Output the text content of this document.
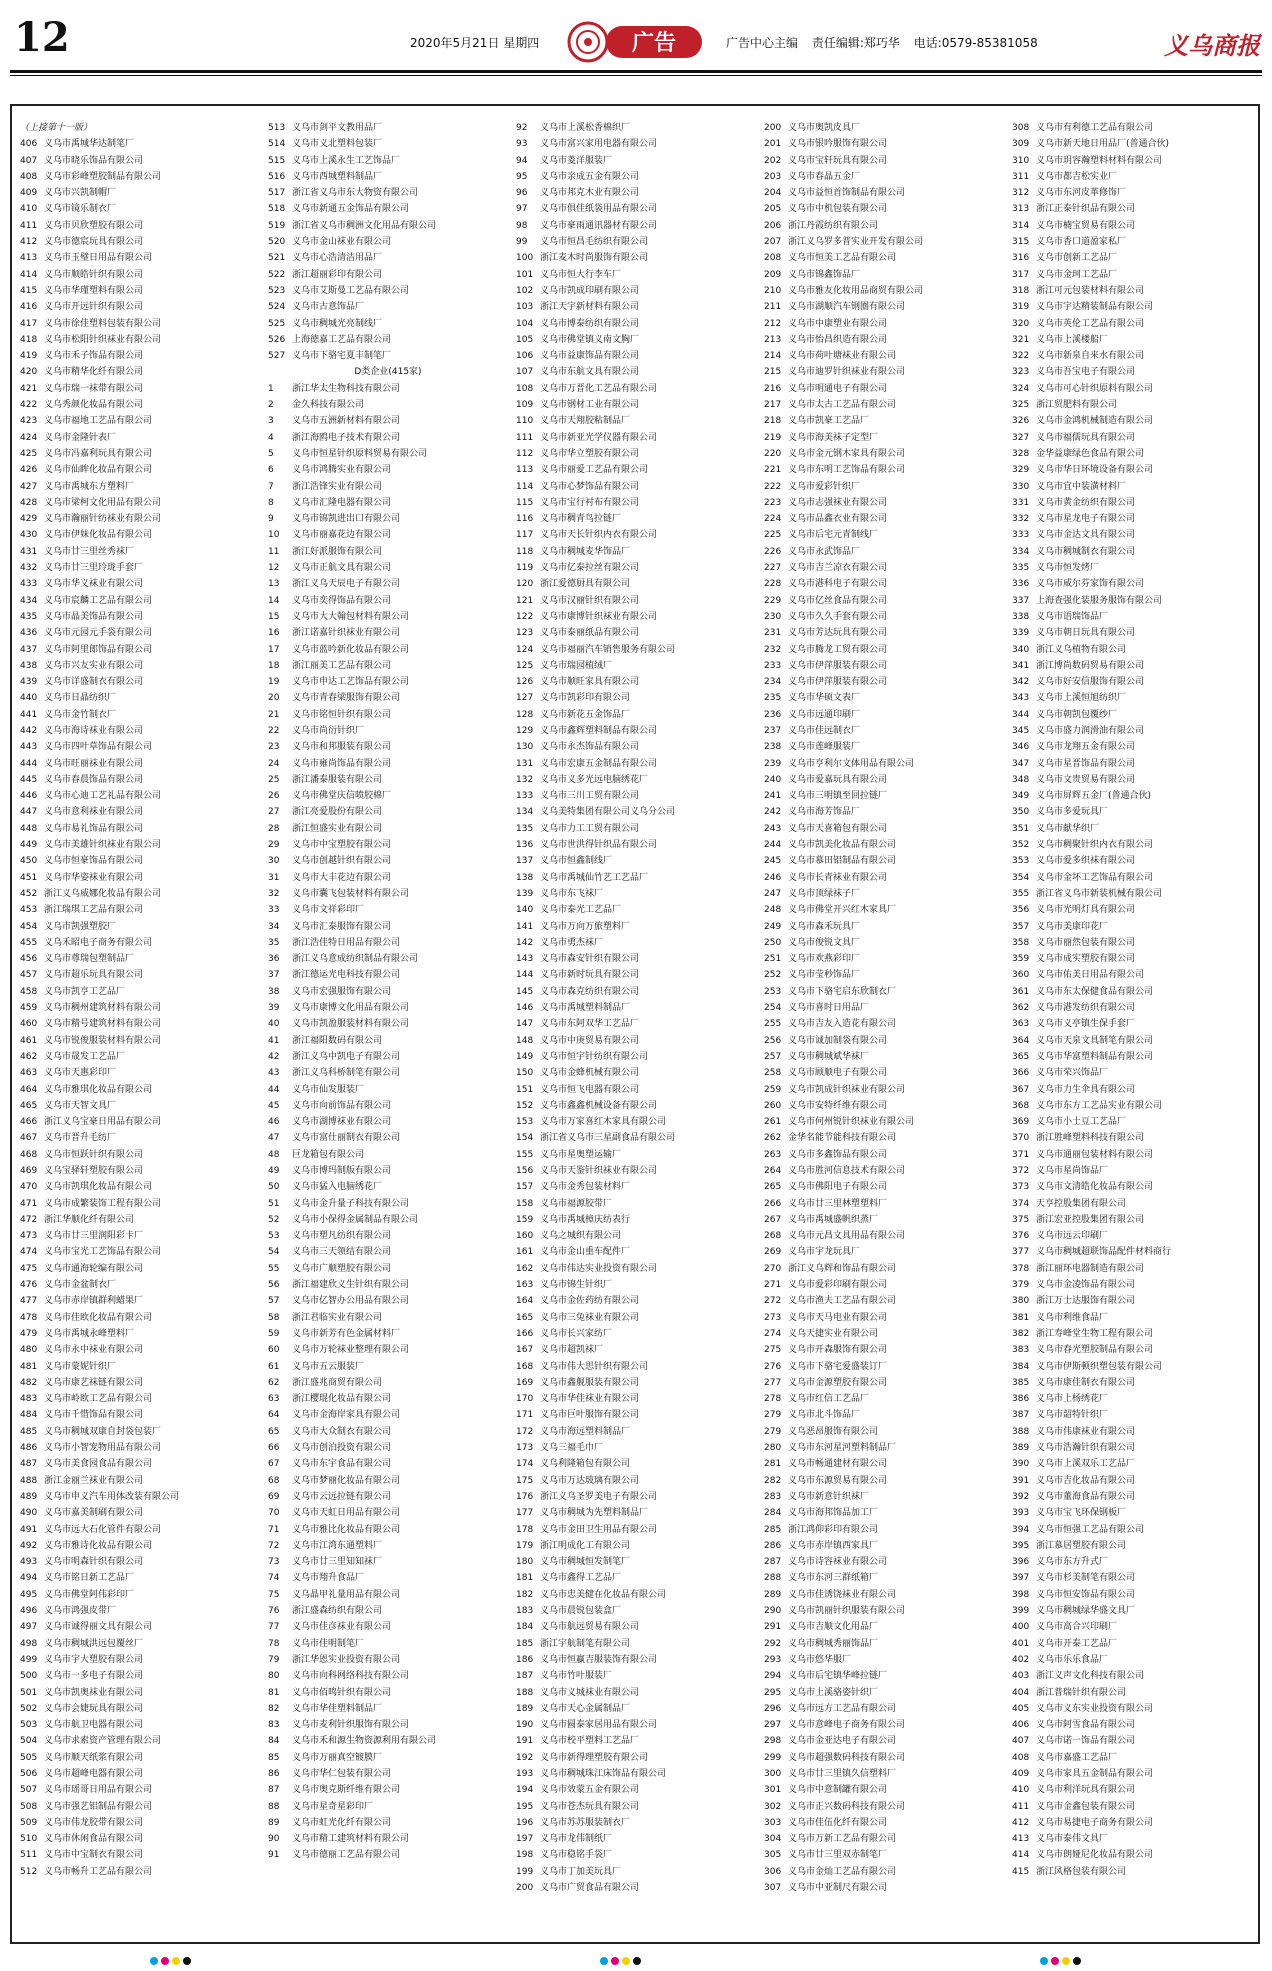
12	2020年5月21日 星期四	广告	广告中心主编 责任编辑:郑巧华 电话:0579-85381058	义乌商报
（上接第十一版）
406 义乌市禹城华达制笔厂
407 义乌市晓乐饰品有限公司
408 义乌市彩峰塑胶制品有限公司
409 义乌市兴凯制帽厂
410 义乌市镜乐制衣厂
411 义乌市贝欣塑胶有限公司
412 义乌市德宸玩具有限公司
413 义乌市玉璧日用品有限公司
414 义乌市顺皓针织有限公司
415 义乌市华瑾塑料有限公司
416 义乌市开远针织有限公司
417 义乌市徐佳塑料包装有限公司
418 义乌市松阳针织袜业有限公司
419 义乌市禾子饰品有限公司
420 义乌市精华化纤有限公司
421 义乌市瑞一袜带有限公司
422 义乌秀颜化妆品有限公司
423 义乌市福地工艺品有限公司
424 义乌市金隆针表厂
425 义乌市冯嘉利玩具有限公司
426 义乌市仙眸化妆品有限公司
427 义乌市禹城东方塑料厂
428 义乌市梁柯文化用品有限公司
429 义乌市瀚丽针纺袜业有限公司
430 义乌市伊妹化妆品有限公司
431 义乌市廿三里丝秀袜厂
432 义乌市廿三里玲珑手套厂
433 义乌市华义袜业有限公司
434 义乌市宸麟工艺品有限公司
435 义乌市晶美饰品有限公司
436 义乌市元园元手袋有限公司
437 义乌市阿里郎饰品有限公司
438 义乌市兴友实业有限公司
439 义乌市详盛制衣有限公司
440 义乌市日晶纺织厂
441 义乌市金竹制衣厂
442 义乌市海诗袜业有限公司
443 义乌市四叶草饰品有限公司
444 义乌市旺丽袜业有限公司
445 义乌市春晨饰品有限公司
446 义乌市心迪工艺礼品有限公司
447 义乌市意利袜业有限公司
448 义乌市易礼饰品有限公司
449 义乌市美雄针织袜业有限公司
450 义乌市恒豪饰品有限公司
451 义乌市华姿袜业有限公司
452 浙江义乌威娜化妆品有限公司
453 浙江瑞琪工艺品有限公司
454 义乌市凯强塑胶厂
455 义乌禾昭电子商务有限公司
456 义乌市尊瑞包塑制品厂
457 义乌市超乐玩具有限公司
458 义乌市凯亨工艺品厂
459 义乌市稠州建筑材料有限公司
460 义乌市精号建筑材料有限公司
461 义乌市锐俊服装材料有限公司
462 义乌市晟发工艺品厂
463 义乌市天惠彩印厂
464 义乌市雅琪化妆品有限公司
465 义乌市天智文具厂
466 浙江义乌宝豪日用品有限公司
467 义乌市晋升毛纺厂
468 义乌市恒跃针织有限公司
469 义乌宝驿轩塑胶有限公司
470 义乌市凯琪化妆品有限公司
471 义乌市成繁装饰工程有限公司
472 浙江华顺化纤有限公司
473 义乌市廿三里润阳彩卡厂
474 义乌市宝光工艺饰品有限公司
475 义乌市通海轮编有限公司
476 义乌市金盆制衣厂
477 义乌市赤岸镇群利蜡果厂
478 义乌市佳欧化妆品有限公司
479 义乌市禹城永峰塑料厂
480 义乌市永中袜业有限公司
481 义乌市蒙妮针织厂
482 义乌市康艺袜链有限公司
483 义乌市岭欧工艺品有限公司
484 义乌市千惜饰品有限公司
485 义乌市稠城双康自封袋包装厂
486 义乌市小智宠物用品有限公司
487 义乌市美食园食品有限公司
488 浙江金丽兰袜业有限公司
489 义乌市申义汽车用体改装有限公司
490 义乌市嘉美制刷有限公司
491 义乌市远大石化管件有限公司
492 义乌市雅诗化妆品有限公司
493 义乌市明森针织有限公司
494 义乌市铭日新工艺品厂
495 义乌市佛堂阿伟彩印厂
496 义乌市鸿强皮带厂
497 义乌市诚得丽文具有限公司
498 义乌市稠城洪远包覆丝厂
499 义乌市宇大塑胶有限公司
500 义乌市一多电子有限公司
501 义乌市凯奥袜业有限公司
502 义乌市会婕玩具有限公司
503 义乌市航卫电器有限公司
504 义乌市求索资产管理有限公司
505 义乌市顺天纸浆有限公司
506 义乌市超峰电器有限公司
507 义乌市瑶哥日用品有限公司
508 义乌市强艺铝制品有限公司
509 义乌市伟龙胶带有限公司
510 义乌市休闲食品有限公司
511 义乌市中宝制衣有限公司
512 义乌市畅升工艺品有限公司
513 义乌市剑平文教用品厂
514 义乌市义北塑料包装厂
515 义乌市上溪永生工艺饰品厂
516 义乌市西城塑料制品厂
517 浙江省义乌市东大物资有限公司
518 义乌市新通五金饰品有限公司
519 浙江省义乌市稠洲文化用品有限公司
520 义乌市金山袜业有限公司
521 义乌市心浩清洁用品厂
522 浙江超丽彩印有限公司
523 义乌市艾斯曼工艺品有限公司
524 义乌市古意饰品厂
525 义乌市稠城光亮制线厂
526 上海徳嘉工艺品有限公司
527 义乌市下骆宅夏丰制笔厂
D类企业(415家)
1 浙江华太生物科技有限公司
2 金久科技有限公司
3 义乌市五洲新材料有限公司
4 浙江海鸥电子技术有限公司
5 义乌市恒星针织原料贸易有限公司
6 义乌市鸿腾实业有限公司
7 浙江浩锋实业有限公司
8 义乌市汇隆电器有限公司
9 义乌市锦凯进出口有限公司
10 义乌市丽嘉花边有限公司
11 浙江好派服饰有限公司
12 义乌市正航文具有限公司
13 浙江义乌天辰电子有限公司
14 义乌市奕得饰品有限公司
15 义乌市大大翰包材料有限公司
16 浙江诺嘉针织袜业有限公司
17 义乌市蓝吟新化妆品有限公司
18 浙江丽美工艺品有限公司
19 义乌市申达工艺饰品有限公司
20 义乌市青春梁服饰有限公司
21 义乌市铭恒针织有限公司
22 义乌市尚衍针织厂
23 义乌市和邦服装有限公司
24 义乌市雍尚饰品有限公司
25 浙江潘泰服装有限公司
26 义乌市佛堂庆信喷胶棉厂
27 浙江亮爱股份有限公司
28 浙江恒盛实业有限公司
29 义乌市中宝塑胶有限公司
30 义乌市创越针织有限公司
31 义乌市大丰花边有限公司
32 义乌市囊飞包装材料有限公司
33 义乌市文祥彩印厂
34 义乌市汇泰服饰有限公司
35 浙江浩佳特日用品有限公司
36 浙江义乌意成纺织制品有限公司
37 浙江德运光电科技有限公司
38 义乌市宏强服饰有限公司
39 义乌市康博文化用品有限公司
40 义乌市凯盈服装材料有限公司
41 浙江福阳数码有限公司
42 浙江义乌中凯电子有限公司
43 浙江义乌科桥制笔有限公司
44 义乌市仙发服装厂
45 义乌市向前饰品有限公司
46 义乌市湖博袜业有限公司
47 义乌市富仕丽制衣有限公司
48 巨龙箱包有限公司
49 义乌市博玛制版有限公司
50 义乌市猛入电脑绣花厂
51 义乌市金升量子科技有限公司
52 义乌市小保得金属制品有限公司
53 义乌市塑凡纺织有限公司
54 义乌市三天领结有限公司
55 义乌市广顺塑胶有限公司
56 浙江福建欣义生针织有限公司
57 义乌市亿智办公用品有限公司
58 浙江君临实业有限公司
59 义乌市新芳有色金属材料厂
60 义乌市万轮袜业整理有限公司
61 义乌市五云服装厂
62 浙江盛兆商贸有限公司
63 浙江樱琨化妆品有限公司
64 义乌市金海岸家具有限公司
65 义乌市大众制衣有限公司
66 义乌市创泊投资有限公司
67 义乌市东宇食品有限公司
68 义乌市梦丽化妆品有限公司
69 义乌市云远拉链有限公司
70 义乌市天虹日用品有限公司
71 义乌市雅比化妆品有限公司
72 义乌市江湾东通塑料厂
73 义乌市廿三里知知袜厂
74 义乌市翔升食品厂
75 义乌晶甲礼量用品有限公司
76 浙江盛森纺织有限公司
77 义乌市佳彦袜业有限公司
78 义乌市佳明制笔厂
79 浙江华恩实业投资有限公司
80 义乌市向科网络科技有限公司
81 义乌市佰鸣针织有限公司
82 义乌市华佳塑料制品厂
83 义乌市麦利针织服饰有限公司
84 义乌市禾和源生物资源利用有限公司
85 义乌市万丽真空镀膜厂
86 义乌市华仁包装有限公司
87 义乌市奥克斯纤维有限公司
88 义乌市星奇星彩印厂
89 义乌市虹光化纤有限公司
90 义乌市精工建筑材料有限公司
91 义乌市德丽工艺品有限公司
92 义乌市上溪松香棉织厂
93 义乌市富兴家用电器有限公司
94 义乌市菱洋服装厂
95 义乌市亲成五金有限公司
96 义乌市邦克木业有限公司
97 义乌市俱佳纸袋用品有限公司
98 义乌市豪雨通讯器材有限公司
99 义乌市恒昌毛纺织有限公司
100 浙江麦木时尚服饰有限公司
101 义乌市恒大行李车厂
102 义乌市凯成印刷有限公司
103 浙江天宇新材料有限公司
104 义乌市博泰纺织有限公司
105 义乌市佛堂镇义南文胸厂
106 义乌市益康饰品有限公司
107 义乌市东航文具有限公司
108 义乌市万晋化工艺品有限公司
109 义乌市钢材工业有限公司
110 义乌市天翔胶粘制品厂
111 义乌市新亚光学仪器有限公司
112 义乌市华立塑胶有限公司
113 义乌市丽爱工艺品有限公司
114 义乌市心梦饰品有限公司
115 义乌市宝行衬布有限公司
116 义乌市稠青鸟拉链厂
117 义乌市天长针织内衣有限公司
118 义乌市稠城麦华饰品厂
119 义乌市亿泰拉丝有限公司
120 浙江爱德厨具有限公司
121 义乌市汉丽针织有限公司
122 义乌市康博针织袜业有限公司
123 义乌市泰丽纸品有限公司
124 义乌市福丽汽车销售服务有限公司
125 义乌市瑞园植绒厂
126 义乌市顺旺家具有限公司
127 义乌市凯彩印有限公司
128 义乌市新花五金饰品厂
129 义乌市鑫辉塑料制品有限公司
130 义乌市永杰饰品有限公司
131 义乌市宏康五金制品有限公司
132 义乌市义多光远电脑绣花厂
133 义乌市三川工贸有限公司
134 义乌美特集团有限公司义乌分公司
135 义乌市力工工贸有限公司
136 义乌市世洪得针织品有限公司
137 义乌市恒鑫制线厂
138 义乌市禹城仙竹艺工艺品厂
139 义乌市东飞袜厂
140 义乌市泰光工艺品厂
141 义乌市万向万旅塑料厂
142 义乌市勇杰袜厂
143 义乌市森安针织有限公司
144 义乌市新时玩具有限公司
145 义乌市森克纺织有限公司
146 义乌市禹城塑料制品厂
147 义乌市东阿双华工艺品厂
148 义乌市中庚贸易有限公司
149 义乌市恒宇针纺织有限公司
150 义乌市金蜂机械有限公司
151 义乌市恒飞电器有限公司
152 义乌市鑫鑫机械设备有限公司
153 义乌市万家喜红木家具有限公司
154 浙江省义乌市三星副食品有限公司
155 义乌市星奥塑运输厂
156 义乌市天鉴针织袜业有限公司
157 义乌市金秀包装材料厂
158 义乌市福源胶带厂
159 义乌市禹城樟庆纺表行
160 义乌之城织有限公司
161 义乌市金山重车配件厂
162 义乌市伟达实业投资有限公司
163 义乌市锦生针织厂
164 义乌市金佐药纺有限公司
165 义乌市三兔袜业有限公司
166 义乌市长兴家纺厂
167 义乌市超凯袜厂
168 义乌市伟大思针织有限公司
169 义乌市鑫舰服装有限公司
170 义乌市华佳袜业有限公司
171 义乌市巨叶服饰有限公司
172 义乌市海远塑料制品厂
173 义乌三福毛巾厂
174 义乌利隆箱包有限公司
175 义乌市万达玻璃有限公司
176 浙江义乌圣罗美电子有限公司
177 义乌市稠城为先塑料制品厂
178 义乌市金田卫生用品有限公司
179 浙江明成化工有限公司
180 义乌市稠城恒发制笔厂
181 义乌市鑫得工艺品厂
182 义乌市忠美健在化妆品有限公司
183 义乌市晨锐包装盒厂
184 义乌市航远贸易有限公司
185 浙江宇航制笔有限公司
186 义乌市恒赢吉服装饰有限公司
187 义乌市竹叶服装厂
188 义乌市义城袜业有限公司
189 义乌市天心金属制品厂
190 义乌市圆泰家居用品有限公司
191 义乌市校平塑料工艺品厂
192 义乌市新得理塑胶有限公司
193 义乌市稠城珠江床饰品有限公司
194 义乌市效蒙五金有限公司
195 义乌市苍杰玩具有限公司
196 义乌市苏苏服装制衣厂
197 义乌市龙伟制纸厂
198 义乌市稳铭手袋厂
199 义乌市丁加美玩具厂
200 义乌市广贸食品有限公司
200 义乌市奥凯皮具厂
201 义乌市银吟服饰有限公司
202 义乌市宝轩玩具有限公司
203 义乌市春晶五金厂
204 义乌市益恒首饰制品有限公司
205 义乌市中机包装有限公司
206 浙江丹霞纺织有限公司
207 浙江义乌罗多普实业开发有限公司
208 义乌市恒美工艺品有限公司
209 义乌市锦鑫饰品厂
210 义乌市雅友化妆用品商贸有限公司
211 义乌市湖顺汽车钢圈有限公司
212 义乌市中康塑业有限公司
213 义乌市怡昌织造有限公司
214 义乌市荷叶塘袜业有限公司
215 义乌市迪罗针织袜业有限公司
216 义乌市明通电子有限公司
217 义乌市太古工艺品有限公司
218 义乌市凯豪工艺品厂
219 义乌市海美袜子定型厂
220 义乌市金元钢木家具有限公司
221 义乌市东明工艺饰品有限公司
222 义乌市爱彩针织厂
223 义乌市志强袜业有限公司
224 义乌市品鑫衣业有限公司
225 义乌市后宅元青制线厂
226 义乌市永武饰品厂
227 义乌市吉兰凉衣有限公司
228 义乌市港科电子有限公司
229 义乌市亿丝食品有限公司
230 义乌市久久手套有限公司
231 义乌市芳达玩具有限公司
232 义乌市腾龙工贸有限公司
233 义乌市伊萍服装有限公司
234 义乌市伊萍服装有限公司
235 义乌市华硕文表厂
236 义乌市远通印刷厂
237 义乌市佳远制衣厂
238 义乌市莲峰服装厂
239 义乌市亨利尔文体用品有限公司
240 义乌市爱嘉玩具有限公司
241 义乌市三明镇至回拉链厂
242 义乌市海芳饰品厂
243 义乌市天喜箱包有限公司
244 义乌市凯美化妆品有限公司
245 义乌市慕田铝制品有限公司
246 义乌市长青袜业有限公司
247 义乌市顶绿袜子厂
248 义乌市佛堂开兴红木家具厂
249 义乌市森禾玩具厂
250 义乌市俊锐文具厂
251 义乌市欢燕彩印厂
252 义乌市莹秒饰品厂
253 义乌市下骆宅启东欣制衣厂
254 义乌市喜时日用品厂
255 义乌市吉友入造花有限公司
256 义乌市诚加制袋有限公司
257 义乌市稠城斌华袜厂
258 义乌市顾顺电子有限公司
259 义乌市凯成针织袜业有限公司
260 义乌市安特纤维有限公司
261 义乌市何州锐针织袜业有限公司
262 金华名能节能科技有限公司
263 义乌市多鑫饰品有限公司
264 义乌市胜河信息技术有限公司
265 义乌市佛阳电子有限公司
266 义乌市廿三里林塑塑料厂
267 义乌市禹城盛帆织蒸厂
268 义乌市元昌文具用品有限公司
269 义乌市宇龙玩具厂
270 浙江义乌辉和饰品有限公司
271 义乌市爱彩印刷有限公司
272 义乌市渔夫工艺品有限公司
273 义乌市天马电业有限公司
274 义乌天捷实业有限公司
275 义乌市开森服饰有限公司
276 义乌市下骆宅爱盛装订厂
277 义乌市金源塑胶有限公司
278 义乌市红信工艺品厂
279 义乌市北斗饰品厂
279 义乌恶昂服饰有限公司
280 义乌市东河星河塑料制品厂
281 义乌市畅通建材有限公司
282 义乌市东源贸易有限公司
283 义乌市新意针织袜厂
284 义乌市海邦饰品加工厂
285 浙江鸿仰彩印有限公司
286 义乌市赤岸镇西家具厂
287 义乌市诗容袜业有限公司
288 义乌市东河三群纸箱厂
289 义乌市佳诱饶袜业有限公司
290 义乌市凯丽针织服装有限公司
291 义乌市吉顺文化用品厂
292 义乌市稠城秀丽饰品厂
293 义乌市悠华服厂
294 义乌市后宅镇华峰拉链厂
295 义乌市上溪骆姿针织厂
296 义乌市远方工艺品有限公司
297 义乌市意峰电子商务有限公司
298 义乌市金亚达电子有限公司
299 义乌市超强数码科技有限公司
300 义乌市廿三里镇久信塑料厂
301 义乌市中意制罐有限公司
302 义乌市正兴数码科技有限公司
303 义乌市佳伍化纤有限公司
304 义乌市万新工艺品有限公司
305 义乌市廿三里双赤制笔厂
306 义乌市金灿工艺品有限公司
307 义乌市中亚制尺有限公司
308 义乌市有利德工艺品有限公司
309 义乌市新天地日用品厂(普通合伙)
310 义乌市玥容瀚塑料材料有限公司
311 义乌市都吉松实业厂
312 义乌市东河皮革修饰厂
313 浙江正泰针织品有限公司
314 义乌市楠宝贸易有限公司
315 义乌市香口道盈家私厂
316 义乌市创新工艺品厂
317 义乌市金珂工艺品厂
318 浙江可元包装材料有限公司
319 义乌市宇达精装制品有限公司
320 义乌市英伦工艺品有限公司
321 义乌市上溪楼船厂
322 义乌市新泉自来水有限公司
323 义乌市吾宝电子有限公司
324 义乌市可心针织原料有限公司
325 浙江贸肥料有限公司
326 义乌市金鸿机械制造有限公司
327 义乌市福儒玩具有限公司
328 金华益康绿色食品有限公司
329 义乌市华日环境设备有限公司
330 义乌市宜中装潢材料厂
331 义乌市黄金纺织有限公司
332 义乌市星龙电子有限公司
333 义乌市金达文具有限公司
334 义乌市稠城制衣有限公司
335 义乌市恒发烤厂
336 义乌市威尔芬家饰有限公司
337 上海查强化装服务服饰有限公司
338 义乌市语瑞饰品厂
339 义乌市朝日玩具有限公司
340 浙江义乌植物有限公司
341 浙江博尚数码贸易有限公司
342 义乌市好安信服饰有限公司
343 义乌市上溪恒旭纺织厂
344 义乌市朝凯包覆纱厂
345 义乌市盛力润滑油有限公司
346 义乌市龙翔五金有限公司
347 义乌市星晋饰品有限公司
348 义乌市文贵贸易有限公司
349 义乌市屏辉五金厂(普通合伙)
350 义乌市多爱玩具厂
351 义乌市献华织厂
352 义乌市稠聚针织内衣有限公司
353 义乌市爱多织袜有限公司
354 义乌市金坏工艺饰品有限公司
355 浙江省义乌市新装机械有限公司
356 义乌市光明灯具有限公司
357 义乌市美康印花厂
358 义乌市丽然包装有限公司
359 义乌市成实塑胶有限公司
360 义乌市佑美日用品有限公司
361 义乌市东太保健食品有限公司
362 义乌市港发纺织有限公司
363 义乌市义亭镇生保手套厂
364 义乌市天泉文具制笔有限公司
365 义乌市华富塑料制品有限公司
366 义乌市荣兴饰品厂
367 义乌市力生伞具有限公司
368 义乌市东方工艺品实业有限公司
369 义乌市小土豆工艺品厂
370 浙江胜峰塑料科技有限公司
371 义乌市通丽包装材料有限公司
372 义乌市星尚饰品厂
373 义乌市文清皓化妆品有限公司
374 天亨控股集团有限公司
375 浙江宏亚控股集团有限公司
376 义乌市远云印刷厂
377 义乌市稠城超联饰品配件材料商行
378 浙江丽环电器制造有限公司
379 义乌市金凌饰品有限公司
380 浙江万士达服饰有限公司
381 义乌市利维食品厂
382 浙江寿峰堂生物工程有限公司
383 义乌市春光塑胶制品有限公司
384 义乌市伊斯顿织塑包装有限公司
385 义乌市康佳制衣有限公司
386 义乌市上杨绣花厂
387 义乌市韶特针织厂
388 义乌市伟康袜业有限公司
389 义乌市浩瀚针织有限公司
390 义乌市上溪双乐工艺品厂
391 义乌市吉化妆品有限公司
392 义乌市董海食品有限公司
393 义乌市宝飞环保钢板厂
394 义乌市恒强工艺品有限公司
395 浙江慕居塑胶有限公司
396 义乌市东方升式厂
397 义乌市杉美制笔有限公司
398 义乌市恒安饰品有限公司
399 义乌市稠城绿华盛文具厂
400 义乌市高合兴印刷厂
401 义乌市开泰工艺品厂
402 义乌市乐乐食品厂
403 浙江义声文化科技有限公司
404 浙江普瑞针织有限公司
405 义乌市义东实业投资有限公司
406 义乌市阿雪食品有限公司
407 义乌市诺一饰品有限公司
408 义乌市嘉盛工艺品厂
409 义乌市家具五金制品有限公司
410 义乌市利洋玩具有限公司
411 义乌市金鑫包装有限公司
412 义乌市易捷电子商务有限公司
413 义乌市泰伟文具厂
414 义乌市朗娅尼化妆品有限公司
415 浙江风格包装有限公司
